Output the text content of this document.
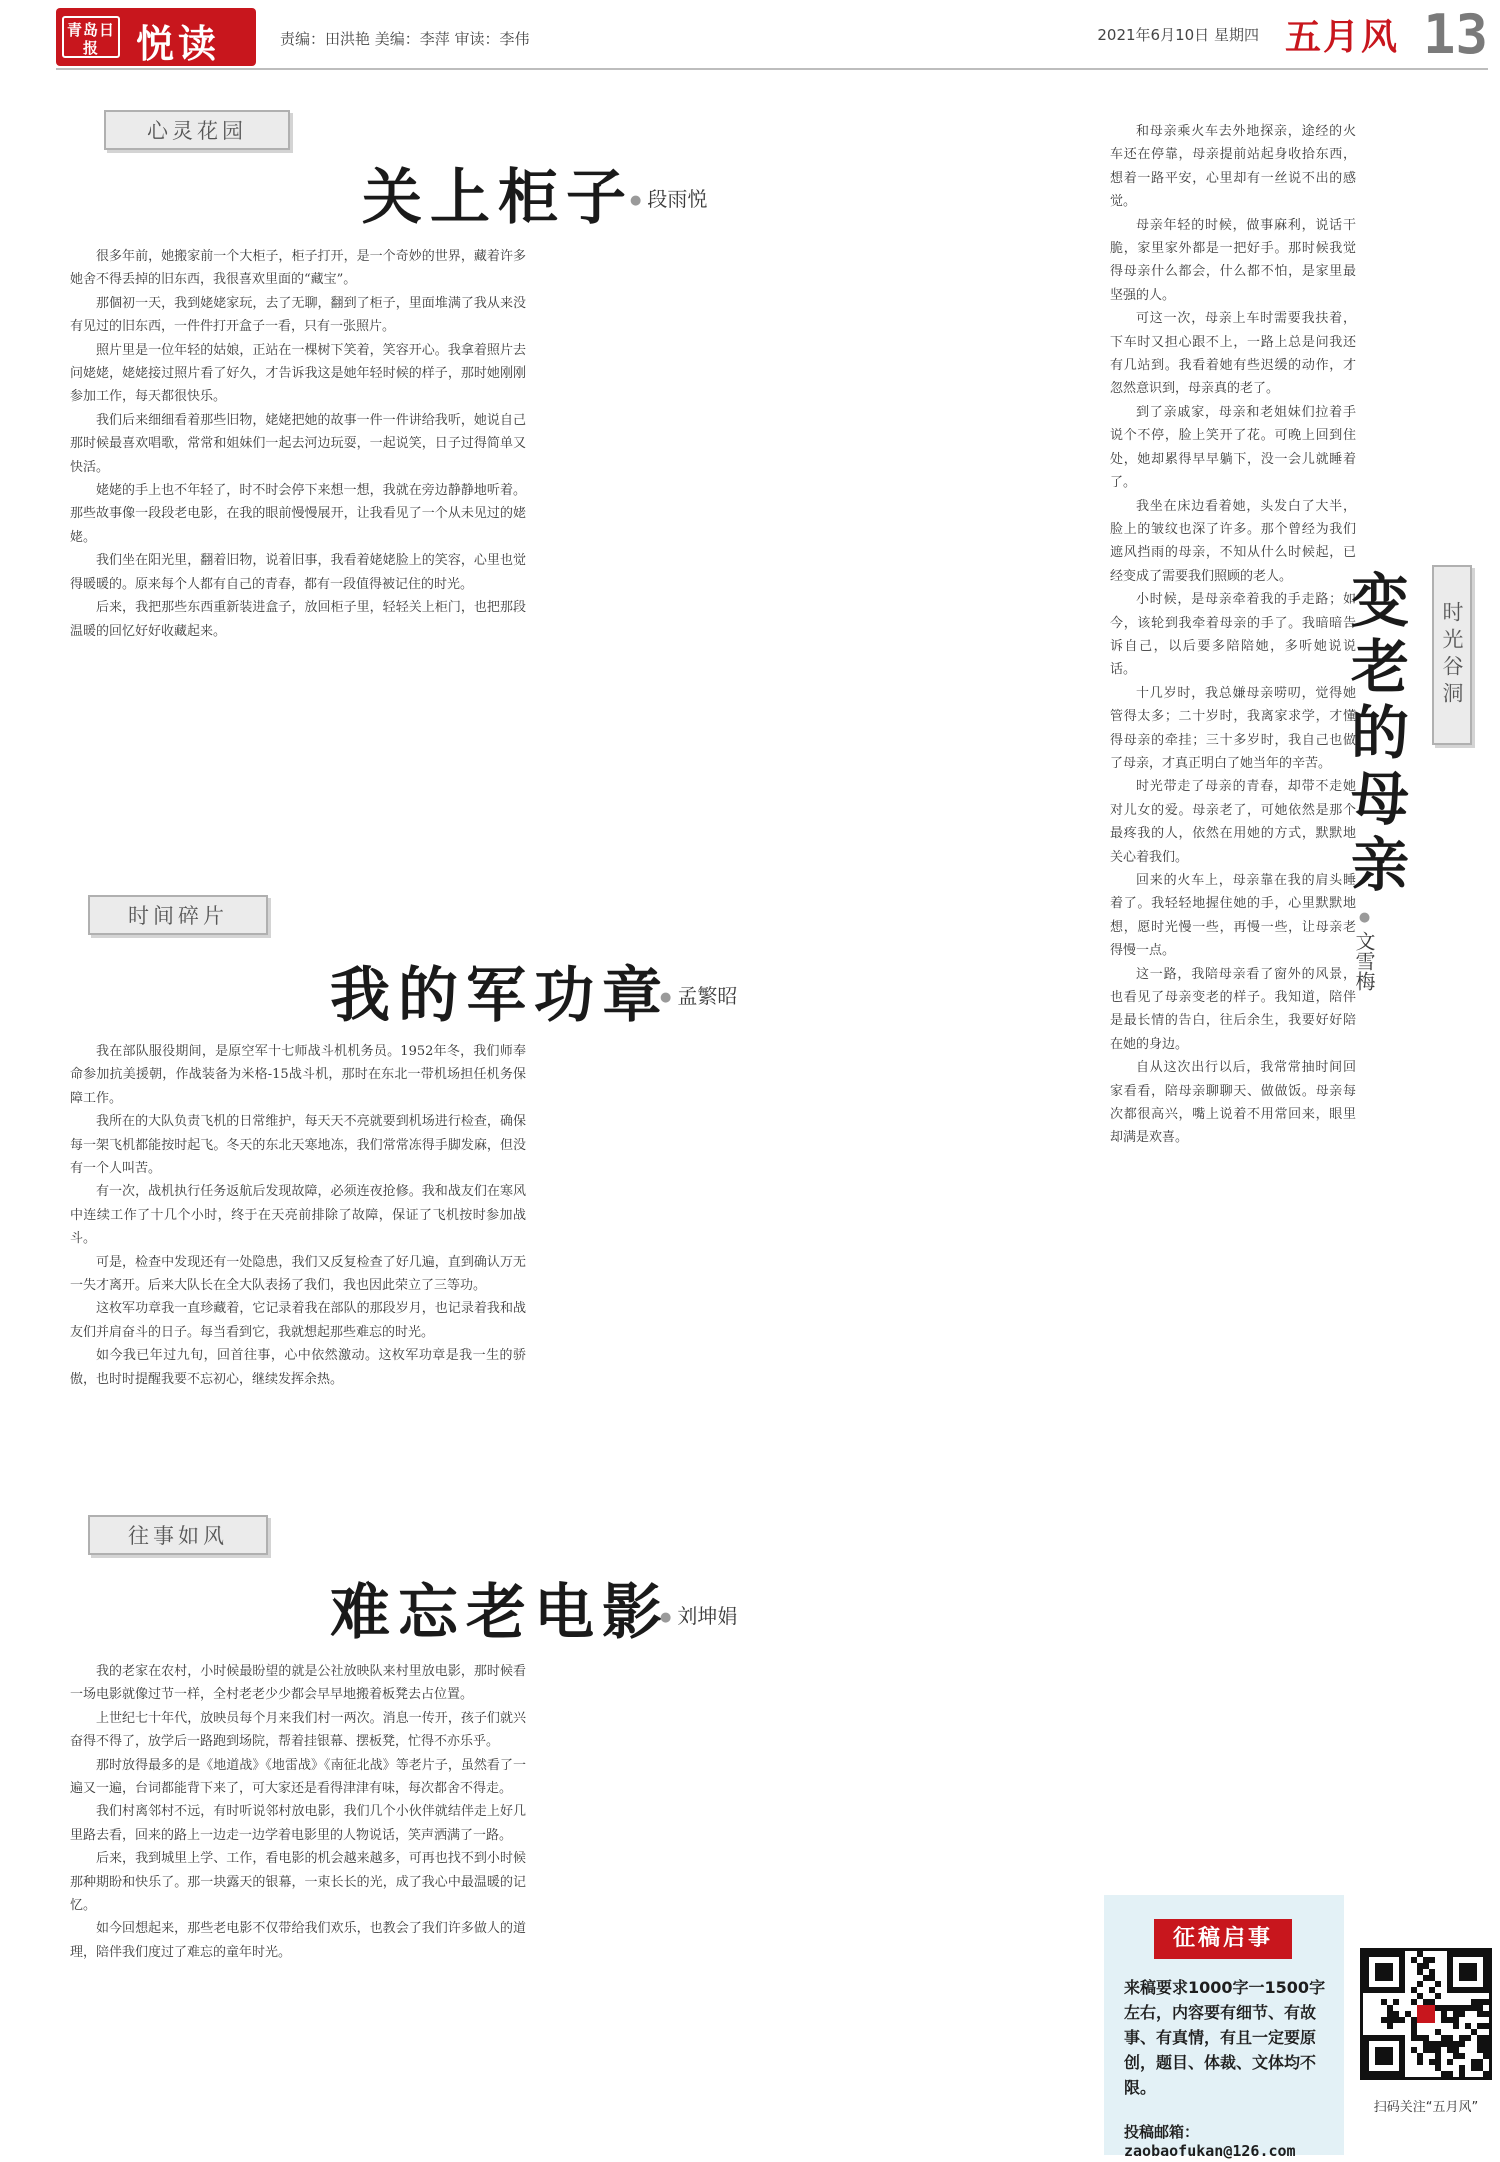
青岛日报 悦读	责编：田洪艳 美编：李萍 审读：李伟	2021年6月10日 星期四 五月风 13
心灵花园
关上柜子 ● 段雨悦

很多年前，她搬家前一个大柜子，柜子打开，是一个奇妙的世界，藏着许多她舍不得丢掉的旧东西，我很喜欢里面的“藏宝”。

那個初一天，我到姥姥家玩，去了无聊，翻到了柜子，里面堆满了我从来没有见过的旧东西，一件件打开盒子一看，只有一张照片。

照片里是一位年轻的姑娘，正站在一棵树下笑着，笑容开心。我拿着照片去问姥姥，姥姥接过照片看了好久，才告诉我这是她年轻时候的样子，那时她刚刚参加工作，每天都很快乐。

我们后来细细看着那些旧物，姥姥把她的故事一件一件讲给我听，她说自己那时候最喜欢唱歌，常常和姐妹们一起去河边玩耍，一起说笑，日子过得简单又快活。

姥姥的手上也不年轻了，时不时会停下来想一想，我就在旁边静静地听着。那些故事像一段段老电影，在我的眼前慢慢展开，让我看见了一个从未见过的姥姥。

我们坐在阳光里，翻着旧物，说着旧事，我看着姥姥脸上的笑容，心里也觉得暖暖的。原来每个人都有自己的青春，都有一段值得被记住的时光。

后来，我把那些东西重新装进盒子，放回柜子里，轻轻关上柜门，也把那段温暖的回忆好好收藏起来。

时间碎片
我的军功章 ● 孟繁昭

我在部队服役期间，是原空军十七师战斗机机务员。1952年冬，我们师奉命参加抗美援朝，作战装备为米格-15战斗机，那时在东北一带机场担任机务保障工作。

我所在的大队负责飞机的日常维护，每天天不亮就要到机场进行检查，确保每一架飞机都能按时起飞。冬天的东北天寒地冻，我们常常冻得手脚发麻，但没有一个人叫苦。

有一次，战机执行任务返航后发现故障，必须连夜抢修。我和战友们在寒风中连续工作了十几个小时，终于在天亮前排除了故障，保证了飞机按时参加战斗。

可是，检查中发现还有一处隐患，我们又反复检查了好几遍，直到确认万无一失才离开。后来大队长在全大队表扬了我们，我也因此荣立了三等功。

这枚军功章我一直珍藏着，它记录着我在部队的那段岁月，也记录着我和战友们并肩奋斗的日子。每当看到它，我就想起那些难忘的时光。

如今我已年过九旬，回首往事，心中依然激动。这枚军功章是我一生的骄傲，也时时提醒我要不忘初心，继续发挥余热。

往事如风
难忘老电影 ● 刘坤娟

我的老家在农村，小时候最盼望的就是公社放映队来村里放电影，那时候看一场电影就像过节一样，全村老老少少都会早早地搬着板凳去占位置。

上世纪七十年代，放映员每个月来我们村一两次。消息一传开，孩子们就兴奋得不得了，放学后一路跑到场院，帮着挂银幕、摆板凳，忙得不亦乐乎。

那时放得最多的是《地道战》《地雷战》《南征北战》等老片子，虽然看了一遍又一遍，台词都能背下来了，可大家还是看得津津有味，每次都舍不得走。

我们村离邻村不远，有时听说邻村放电影，我们几个小伙伴就结伴走上好几里路去看，回来的路上一边走一边学着电影里的人物说话，笑声洒满了一路。

后来，我到城里上学、工作，看电影的机会越来越多，可再也找不到小时候那种期盼和快乐了。那一块露天的银幕，一束长长的光，成了我心中最温暖的记忆。

如今回想起来，那些老电影不仅带给我们欢乐，也教会了我们许多做人的道理，陪伴我们度过了难忘的童年时光。

和母亲乘火车去外地探亲，途经的火车还在停靠，母亲提前站起身收拾东西，想着一路平安，心里却有一丝说不出的感觉。

母亲年轻的时候，做事麻利，说话干脆，家里家外都是一把好手。那时候我觉得母亲什么都会，什么都不怕，是家里最坚强的人。

可这一次，母亲上车时需要我扶着，下车时又担心跟不上，一路上总是问我还有几站到。我看着她有些迟缓的动作，才忽然意识到，母亲真的老了。

到了亲戚家，母亲和老姐妹们拉着手说个不停，脸上笑开了花。可晚上回到住处，她却累得早早躺下，没一会儿就睡着了。

我坐在床边看着她，头发白了大半，脸上的皱纹也深了许多。那个曾经为我们遮风挡雨的母亲，不知从什么时候起，已经变成了需要我们照顾的老人。

小时候，是母亲牵着我的手走路；如今，该轮到我牵着母亲的手了。我暗暗告诉自己，以后要多陪陪她，多听她说说话。

十几岁时，我总嫌母亲唠叨，觉得她管得太多；二十岁时，我离家求学，才懂得母亲的牵挂；三十多岁时，我自己也做了母亲，才真正明白了她当年的辛苦。

时光带走了母亲的青春，却带不走她对儿女的爱。母亲老了，可她依然是那个最疼我的人，依然在用她的方式，默默地关心着我们。

回来的火车上，母亲靠在我的肩头睡着了。我轻轻地握住她的手，心里默默地想，愿时光慢一些，再慢一些，让母亲老得慢一点。

这一路，我陪母亲看了窗外的风景，也看见了母亲变老的样子。我知道，陪伴是最长情的告白，往后余生，我要好好陪在她的身边。

自从这次出行以后，我常常抽时间回家看看，陪母亲聊聊天、做做饭。母亲每次都很高兴，嘴上说着不用常回来，眼里却满是欢喜。

变老的母亲
● 文雪梅
时光谷洞
征稿启事
来稿要求1000字一1500字左右，内容要有细节、有故事、有真情，有且一定要原创，题目、体裁、文体均不限。
投稿邮箱：
zaobaofukan@126.com
扫码关注“五月风”
